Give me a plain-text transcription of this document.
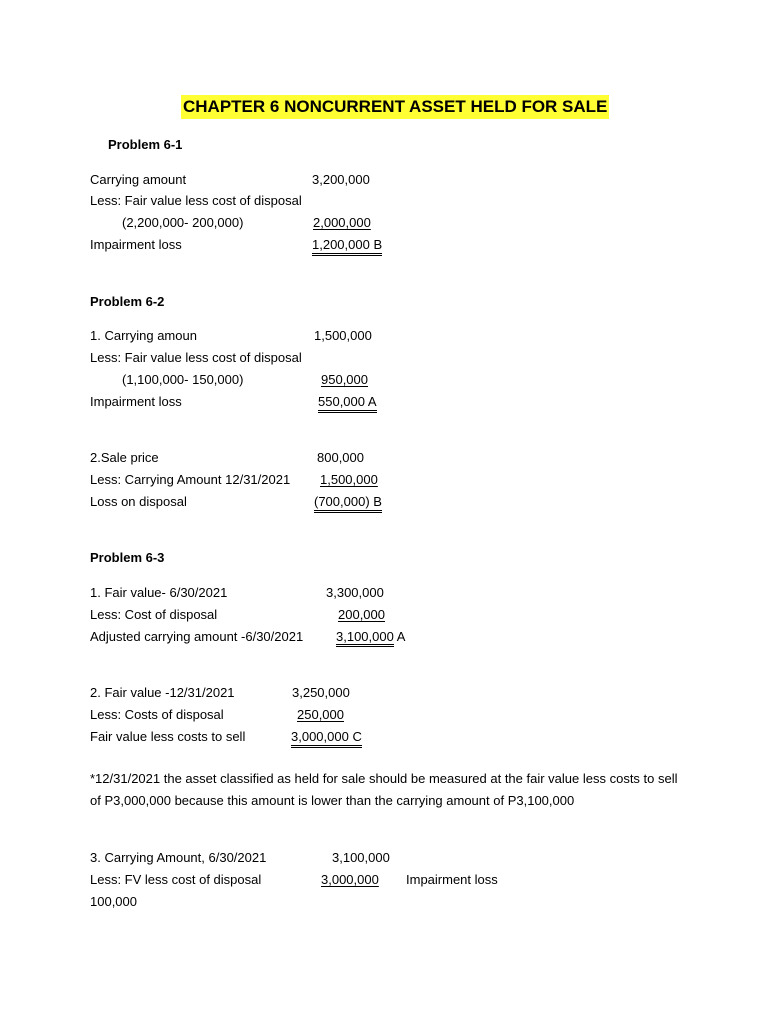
CHAPTER 6 NONCURRENT ASSET HELD FOR SALE
Problem 6-1
Carrying amount	3,200,000
Less: Fair value less cost of disposal
(2,200,000- 200,000)	2,000,000
Impairment loss	1,200,000 B
Problem 6-2
1. Carrying amoun	1,500,000
Less: Fair value less cost of disposal
(1,100,000- 150,000)	950,000
Impairment loss	550,000 A
2.Sale price	800,000
Less: Carrying Amount 12/31/2021 1,500,000
Loss on disposal	(700,000) B
Problem 6-3
1. Fair value- 6/30/2021	3,300,000
Less: Cost of disposal	200,000
Adjusted carrying amount -6/30/2021	3,100,000 A
2. Fair value -12/31/2021	3,250,000
Less: Costs of disposal	250,000
Fair value less costs to sell	3,000,000 C
*12/31/2021 the asset classified as held for sale should be measured at the fair value less costs to sell of P3,000,000 because this amount is lower than the carrying amount of P3,100,000
3. Carrying Amount, 6/30/2021	3,100,000
Less: FV less cost of disposal	3,000,000 Impairment loss
100,000
